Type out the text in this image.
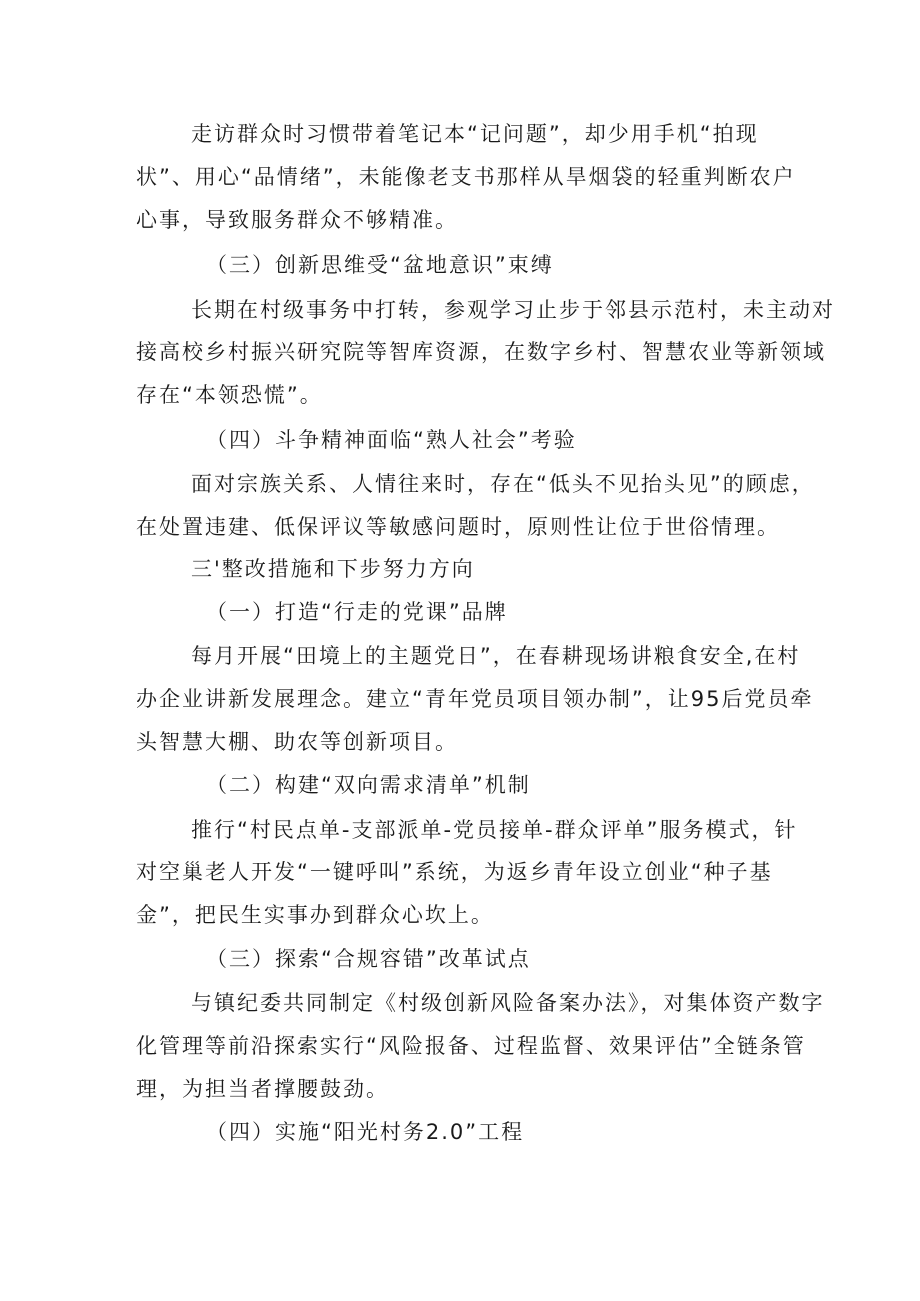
走访群众时习惯带着笔记本“记问题”，却少用手机“拍现
状”、用心“品情绪”，未能像老支书那样从旱烟袋的轻重判断农户
心事，导致服务群众不够精准。
（三）创新思维受“盆地意识”束缚
长期在村级事务中打转，参观学习止步于邻县示范村，未主动对
接高校乡村振兴研究院等智库资源，在数字乡村、智慧农业等新领域
存在“本领恐慌”。
（四）斗争精神面临“熟人社会”考验
面对宗族关系、人情往来时，存在“低头不见抬头见”的顾虑，
在处置违建、低保评议等敏感问题时，原则性让位于世俗情理。
三'整改措施和下步努力方向
（一）打造“行走的党课”品牌
每月开展“田境上的主题党日”，在春耕现场讲粮食安全,在村
办企业讲新发展理念。建立“青年党员项目领办制”，让95后党员牵
头智慧大棚、助农等创新项目。
（二）构建“双向需求清单”机制
推行“村民点单-支部派单-党员接单-群众评单”服务模式，针
对空巢老人开发“一键呼叫”系统，为返乡青年设立创业“种子基
金”，把民生实事办到群众心坎上。
（三）探索“合规容错”改革试点
与镇纪委共同制定《村级创新风险备案办法》，对集体资产数字
化管理等前沿探索实行“风险报备、过程监督、效果评估”全链条管
理，为担当者撑腰鼓劲。
（四）实施“阳光村务2.0”工程
